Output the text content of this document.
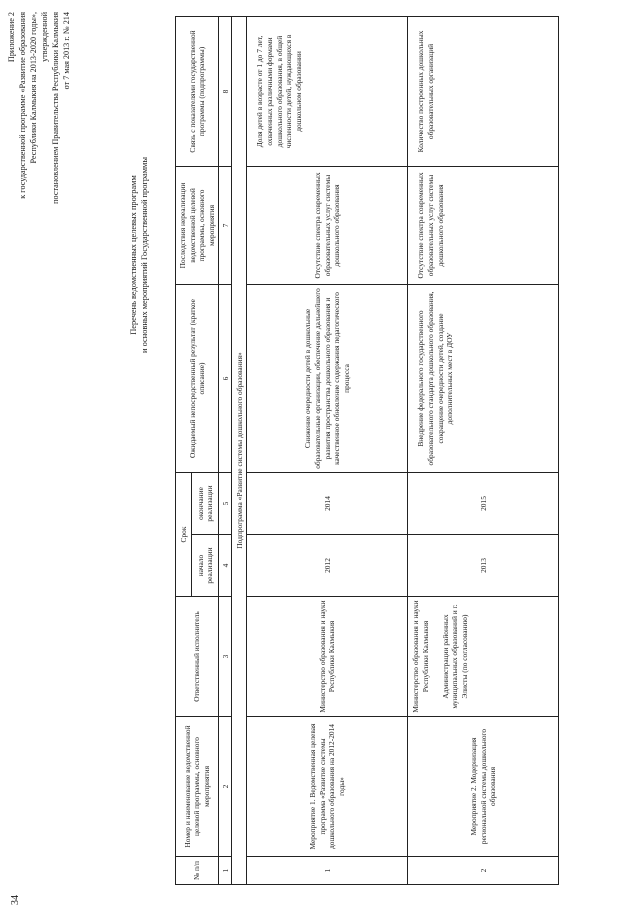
34
Приложение 2 к государственной программе «Развитие образования Республики Калмыкия на 2013-2020 годы», утвержденной постановлением Правительства Республики Калмыкия от 7 мая 2013 г. № 214
Перечень ведомственных целевых программ и основных мероприятий Государственной программы
№ п/п	Номер и наименование ведомственной целевой программы, основного мероприятия	Ответственный исполнитель	Срок		Ожидаемый непосредственный результат (краткое описание)	Последствия нереализации ведомственной целевой программы, основного мероприятия	Связь с показателями государственной программы (подпрограммы)
			начало реализации	окончание реализации			
1	2	3	4	5	6	7	8
Подпрограмма «Развитие системы дошкольного образования»							
1	Мероприятие 1. Ведомственная целевая программа «Развитие системы дошкольного образования на 2012-2014 годы»	Министерство образования и науки Республики Калмыкия	2012	2014	Снижение очередности детей в дошкольные образовательные организации, обеспечение дальнейшего развития пространства дошкольного образования и качественное обновление содержания педагогического процесса	Отсутствие спектра современных образовательных услуг системы дошкольного образования	Доля детей в возрасте от 1 до 7 лет, охваченных различными формами дошкольного образования, в общей численности детей, нуждающихся в дошкольном образовании
2	Мероприятие 2. Модернизация региональной системы дошкольного образования	Министерство образования и науки Республики Калмыкия Администрации районных муниципальных образований и г. Элисты (по согласованию)	2013	2015	Внедрение федерального государственного образовательного стандарта дошкольного образования, сокращение очередности детей, создание дополнительных мест в ДОУ	Отсутствие спектра современных образовательных услуг системы дошкольного образования	Количество построенных дошкольных образовательных организаций
